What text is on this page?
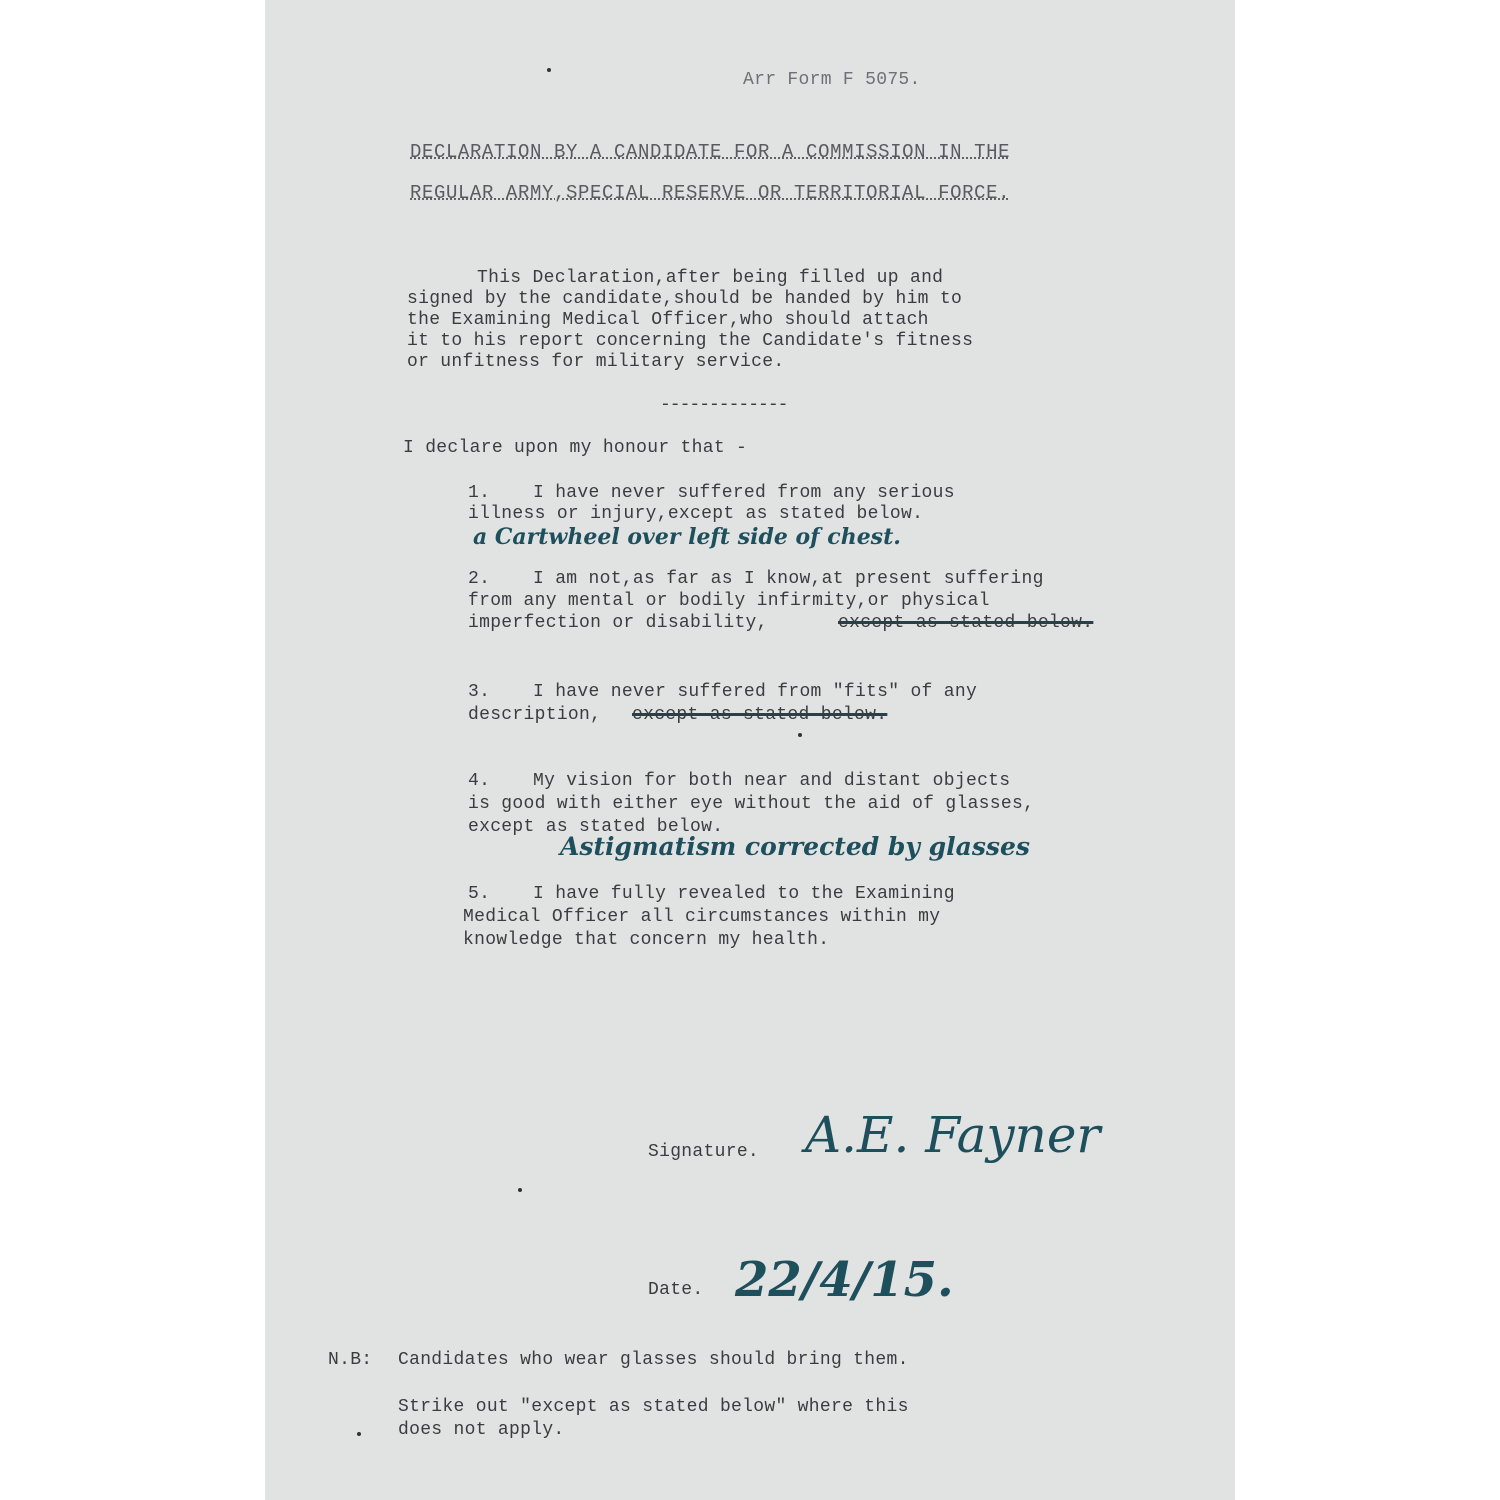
Arr Form F 5075.
DECLARATION BY A CANDIDATE FOR A COMMISSION IN THE
REGULAR ARMY,SPECIAL RESERVE OR TERRITORIAL FORCE.
This Declaration,after being filled up and
signed by the candidate,should be handed by him to
the Examining Medical Officer,who should attach
it to his report concerning the Candidate's fitness
or unfitness for military service.
-------------
I declare upon my honour that -
1. I have never suffered from any serious
illness or injury,except as stated below.
a Cartwheel over left side of chest.
2. I am not,as far as I know,at present suffering
from any mental or bodily infirmity,or physical
imperfection or disability,	except as stated below.
3. I have never suffered from "fits" of any
description, except as stated below.
4. My vision for both near and distant objects
is good with either eye without the aid of glasses,
except as stated below.
Astigmatism corrected by glasses
5. I have fully revealed to the Examining
Medical Officer all circumstances within my
knowledge that concern my health.
Signature. A.E. Fayner
Date. 22/4/15.
N.B: Candidates who wear glasses should bring them.
Strike out "except as stated below" where this
does not apply.
